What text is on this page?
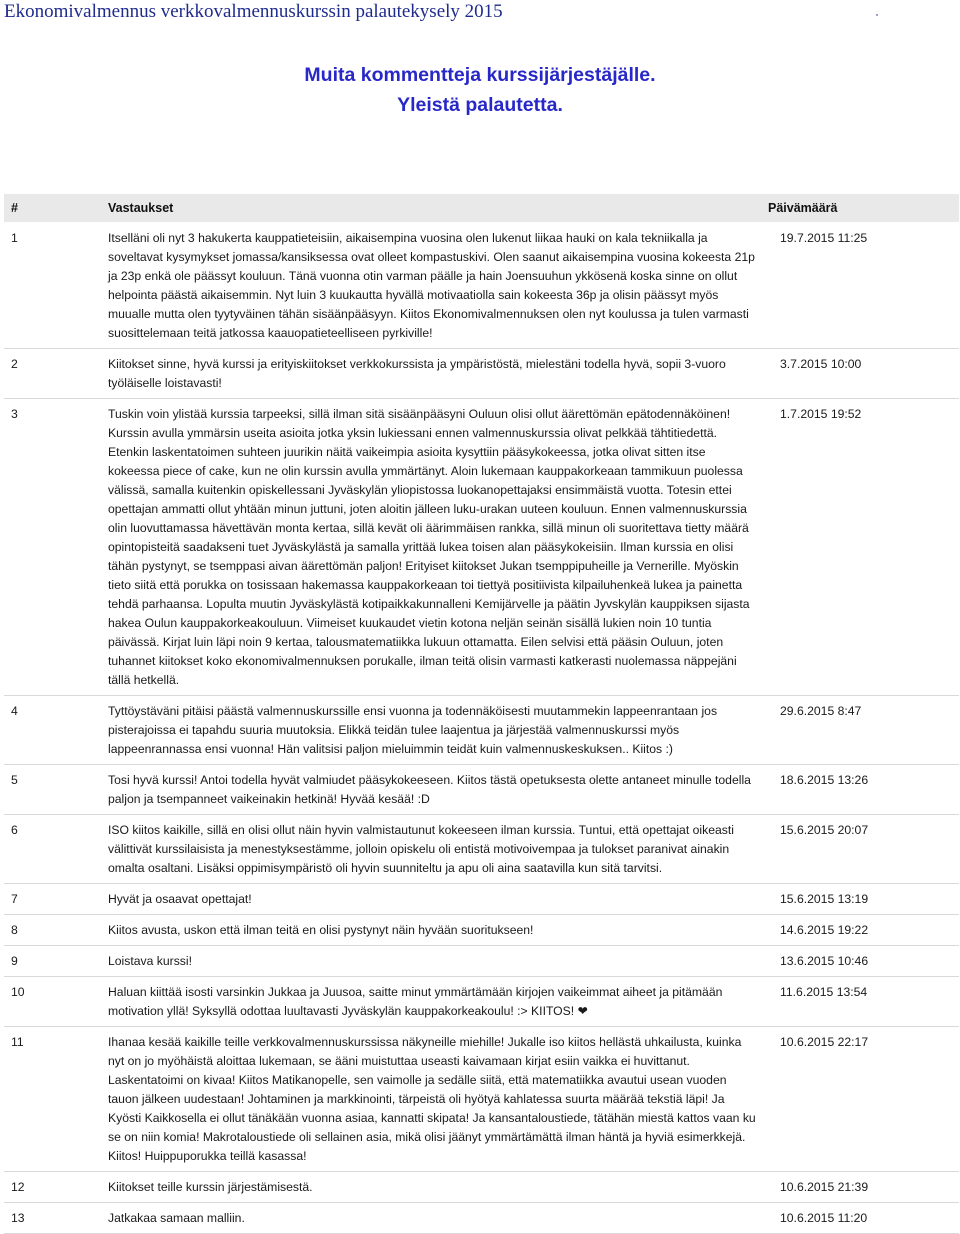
Ekonomivalmennus verkkovalmennuskurssin palautekysely 2015
Muita kommentteja kurssijärjestäjälle.
Yleistä palautetta.
#	Vastaukset	Päivämäärä
1	Itselläni oli nyt 3 hakukerta kauppatieteisiin, aikaisempina vuosina olen lukenut liikaa hauki on kala tekniikalla ja soveltavat kysymykset jomassa/kansiksessa ovat olleet kompastuskivi. Olen saanut aikaisempina vuosina kokeesta 21p ja 23p enkä ole päässyt kouluun. Tänä vuonna otin varman päälle ja hain Joensuuhun ykkösenä koska sinne on ollut helpointa päästä aikaisemmin. Nyt luin 3 kuukautta hyvällä motivaatiolla sain kokeesta 36p ja olisin päässyt myös muualle mutta olen tyytyväinen tähän sisäänpääsyyn. Kiitos Ekonomivalmennuksen olen nyt koulussa ja tulen varmasti suosittelemaan teitä jatkossa kaauopatieteelliseen pyrkiville!	19.7.2015 11:25
2	Kiitokset sinne, hyvä kurssi ja erityiskiitokset verkkokurssista ja ympäristöstä, mielestäni todella hyvä, sopii 3-vuoro työläiselle loistavasti!	3.7.2015 10:00
3	Tuskin voin ylistää kurssia tarpeeksi, sillä ilman sitä sisäänpääsyni Ouluun olisi ollut äärettömän epätodennäköinen! Kurssin avulla ymmärsin useita asioita jotka yksin lukiessani ennen valmennuskurssia olivat pelkkää tähtitiedettä. Etenkin laskentatoimen suhteen juurikin näitä vaikeimpia asioita kysyttiin pääsykokeessa, jotka olivat sitten itse kokeessa piece of cake, kun ne olin kurssin avulla ymmärtänyt. Aloin lukemaan kauppakorkeaan tammikuun puolessa välissä, samalla kuitenkin opiskellessani Jyväskylän yliopistossa luokanopettajaksi ensimmäistä vuotta. Totesin ettei opettajan ammatti ollut yhtään minun juttuni, joten aloitin jälleen luku-urakan uuteen kouluun. Ennen valmennuskurssia olin luovuttamassa hävettävän monta kertaa, sillä kevät oli äärimmäisen rankka, sillä minun oli suoritettava tietty määrä opintopisteitä saadakseni tuet Jyväskylästä ja samalla yrittää lukea toisen alan pääsykokeisiin. Ilman kurssia en olisi tähän pystynyt, se tsemppasi aivan äärettömän paljon! Erityiset kiitokset Jukan tsemppipuheille ja Vernerille. Myöskin tieto siitä että porukka on tosissaan hakemassa kauppakorkeaan toi tiettyä positiivista kilpailuhenkeä lukea ja painetta tehdä parhaansa. Lopulta muutin Jyväskylästä kotipaikkakunnalleni Kemijärvelle ja päätin Jyvskylän kauppiksen sijasta hakea Oulun kauppakorkeakouluun. Viimeiset kuukaudet vietin kotona neljän seinän sisällä lukien noin 10 tuntia päivässä. Kirjat luin läpi noin 9 kertaa, talousmatematiikka lukuun ottamatta. Eilen selvisi että pääsin Ouluun, joten tuhannet kiitokset koko ekonomivalmennuksen porukalle, ilman teitä olisin varmasti katkerasti nuolemassa näppejäni tällä hetkellä.	1.7.2015 19:52
4	Tyttöystäväni pitäisi päästä valmennuskurssille ensi vuonna ja todennäköisesti muutammekin lappeenrantaan jos pisterajoissa ei tapahdu suuria muutoksia. Elikkä teidän tulee laajentua ja järjestää valmennuskurssi myös lappeenrannassa ensi vuonna! Hän valitsisi paljon mieluimmin teidät kuin valmennuskeskuksen.. Kiitos :)	29.6.2015 8:47
5	Tosi hyvä kurssi! Antoi todella hyvät valmiudet pääsykokeeseen. Kiitos tästä opetuksesta olette antaneet minulle todella paljon ja tsempanneet vaikeinakin hetkinä! Hyvää kesää! :D	18.6.2015 13:26
6	ISO kiitos kaikille, sillä en olisi ollut näin hyvin valmistautunut kokeeseen ilman kurssia. Tuntui, että opettajat oikeasti välittivät kurssilaisista ja menestyksestämme, jolloin opiskelu oli entistä motivoivempaa ja tulokset paranivat ainakin omalta osaltani. Lisäksi oppimisympäristö oli hyvin suunniteltu ja apu oli aina saatavilla kun sitä tarvitsi.	15.6.2015 20:07
7	Hyvät ja osaavat opettajat!	15.6.2015 13:19
8	Kiitos avusta, uskon että ilman teitä en olisi pystynyt näin hyvään suoritukseen!	14.6.2015 19:22
9	Loistava kurssi!	13.6.2015 10:46
10	Haluan kiittää isosti varsinkin Jukkaa ja Juusoa, saitte minut ymmärtämään kirjojen vaikeimmat aiheet ja pitämään motivation yllä! Syksyllä odottaa luultavasti Jyväskylän kauppakorkeakoulu! :> KIITOS! ❤	11.6.2015 13:54
11	Ihanaa kesää kaikille teille verkkovalmennuskurssissa näkyneille miehille! Jukalle iso kiitos hellästä uhkailusta, kuinka nyt on jo myöhäistä aloittaa lukemaan, se ääni muistuttaa useasti kaivamaan kirjat esiin vaikka ei huvittanut. Laskentatoimi on kivaa! Kiitos Matikanopelle, sen vaimolle ja sedälle siitä, että matematiikka avautui usean vuoden tauon jälkeen uudestaan! Johtaminen ja markkinointi, tärpeistä oli hyötyä kahlatessa suurta määrää tekstiä läpi! Ja Kyösti Kaikkosella ei ollut tänäkään vuonna asiaa, kannatti skipata! Ja kansantaloustiede, tätähän miestä kattos vaan ku se on niin komia! Makrotaloustiede oli sellainen asia, mikä olisi jäänyt ymmärtämättä ilman häntä ja hyviä esimerkkejä. Kiitos! Huippuporukka teillä kasassa!	10.6.2015 22:17
12	Kiitokset teille kurssin järjestämisestä.	10.6.2015 21:39
13	Jatkakaa samaan malliin.	10.6.2015 11:20
